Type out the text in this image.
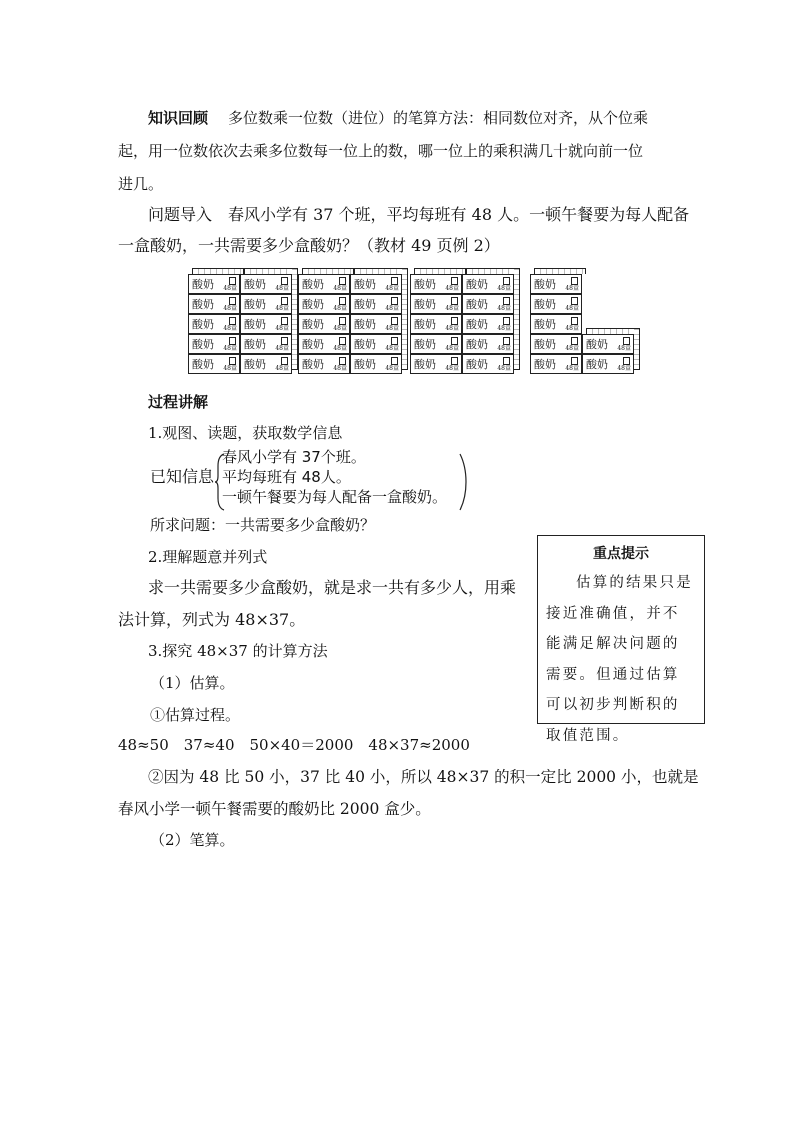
知识回顾 多位数乘一位数（进位）的笔算方法：相同数位对齐，从个位乘
起，用一位数依次去乘多位数每一位上的数，哪一位上的乘积满几十就向前一位
进几。
问题导入 春风小学有 37 个班，平均每班有 48 人。一顿午餐要为每人配备
一盒酸奶，一共需要多少盒酸奶？（教材 49 页例 2）
酸奶 48盒
酸奶 48盒
酸奶 48盒
酸奶 48盒
酸奶 48盒
酸奶 48盒
酸奶 48盒
酸奶 48盒
酸奶 48盒
酸奶 48盒
酸奶 48盒
酸奶 48盒
酸奶 48盒
酸奶 48盒
酸奶 48盒
酸奶 48盒
酸奶 48盒
酸奶 48盒
酸奶 48盒
酸奶 48盒
酸奶 48盒
酸奶 48盒
酸奶 48盒
酸奶 48盒
酸奶 48盒
酸奶 48盒
酸奶 48盒
酸奶 48盒
酸奶 48盒
酸奶 48盒
酸奶 48盒
酸奶 48盒
酸奶 48盒
酸奶 48盒
酸奶 48盒
酸奶 48盒
酸奶 48盒
过程讲解
1.观图、读题，获取数学信息
已知信息
春风小学有 37个班。
平均每班有 48人。
一顿午餐要为每人配备一盒酸奶。
所求问题：一共需要多少盒酸奶？
2.理解题意并列式
求一共需要多少盒酸奶，就是求一共有多少人，用乘
法计算，列式为 48×37。
3.探究 48×37 的计算方法
（1）估算。
①估算过程。
48≈50　37≈40　50×40＝2000　48×37≈2000
②因为 48 比 50 小，37 比 40 小，所以 48×37 的积一定比 2000 小，也就是
春风小学一顿午餐需要的酸奶比 2000 盒少。
（2）笔算。
重点提示
估算的结果只是接近准确值，并不能满足解决问题的需要。但通过估算可以初步判断积的取值范围。
